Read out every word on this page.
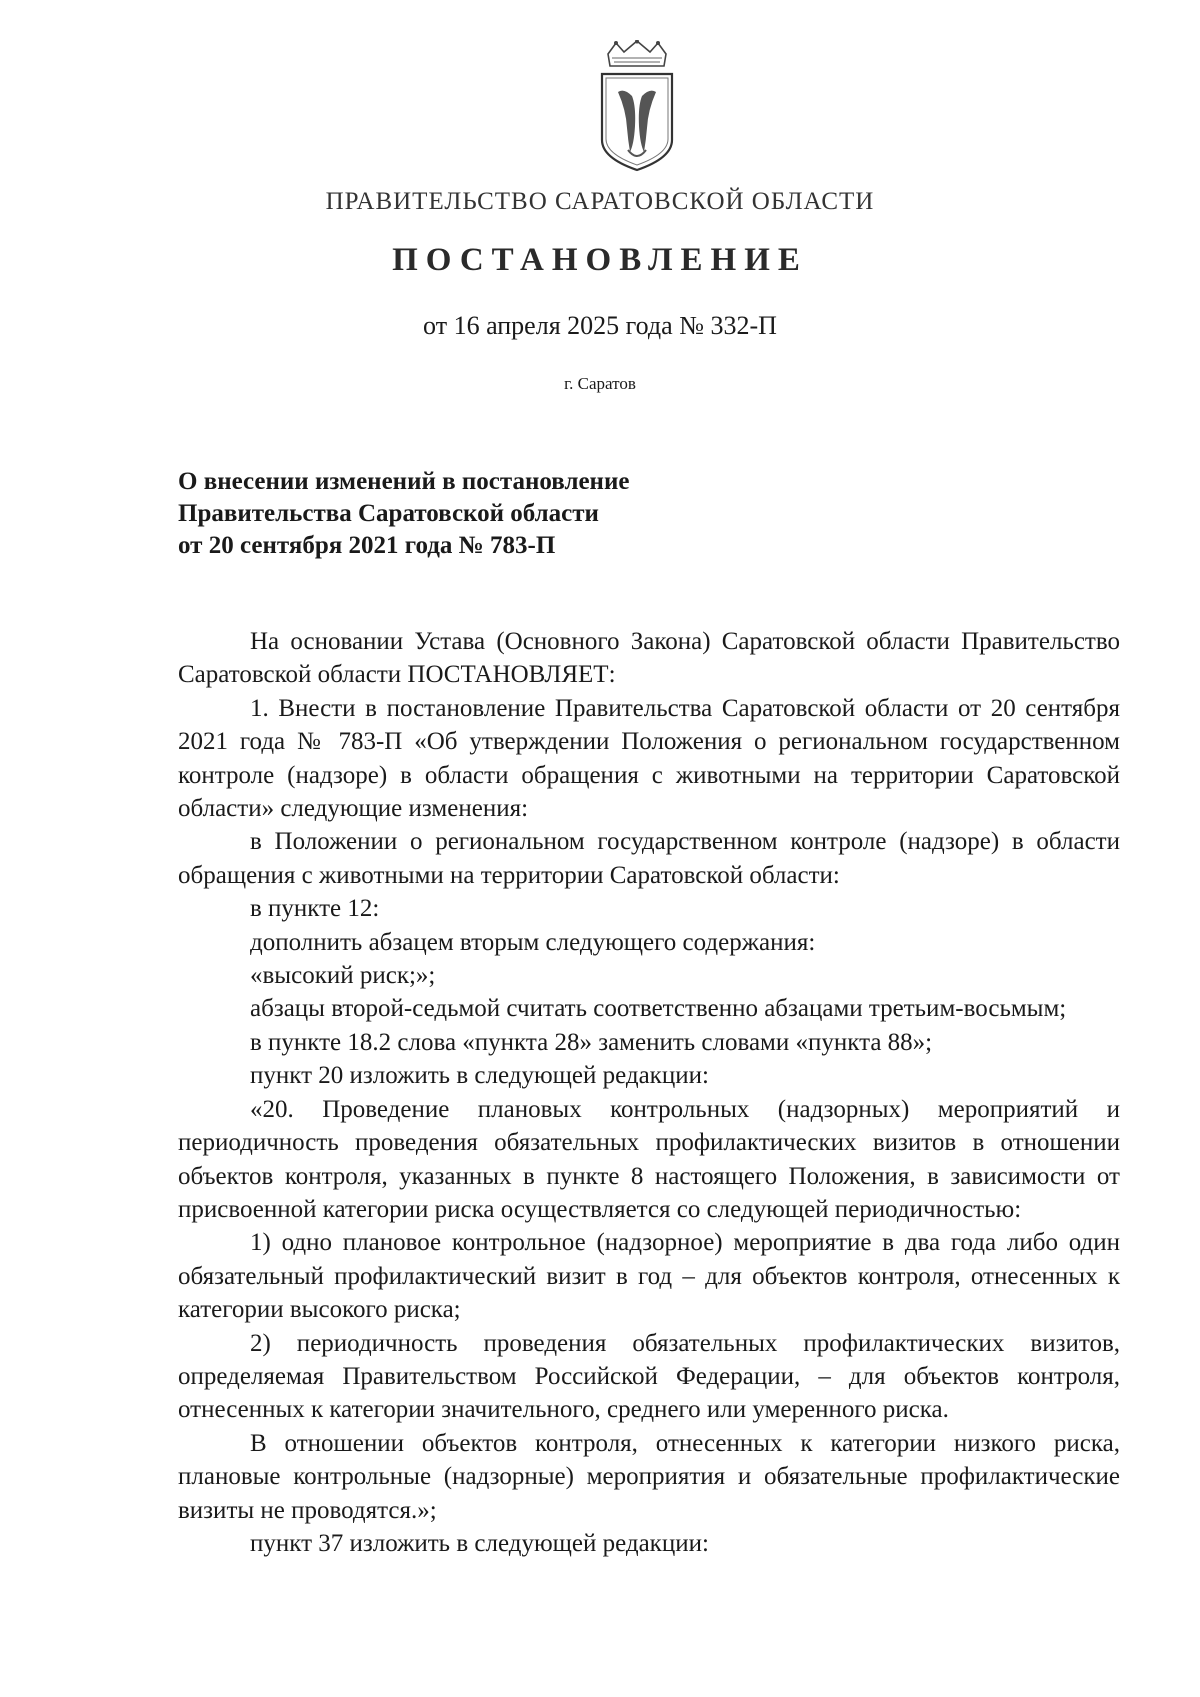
ПРАВИТЕЛЬСТВО САРАТОВСКОЙ ОБЛАСТИ
ПОСТАНОВЛЕНИЕ
от 16 апреля 2025 года № 332-П
г. Саратов
О внесении изменений в постановление
Правительства Саратовской области
от 20 сентября 2021 года № 783-П

На основании Устава (Основного Закона) Саратовской области Правительство Саратовской области ПОСТАНОВЛЯЕТ:

1. Внести в постановление Правительства Саратовской области от 20 сентября 2021 года № 783-П «Об утверждении Положения о региональном государственном контроле (надзоре) в области обращения с животными на территории Саратовской области» следующие изменения:

в Положении о региональном государственном контроле (надзоре) в области обращения с животными на территории Саратовской области:

в пункте 12:

дополнить абзацем вторым следующего содержания:

«высокий риск;»;

абзацы второй-седьмой считать соответственно абзацами третьим-восьмым;

в пункте 18.2 слова «пункта 28» заменить словами «пункта 88»;

пункт 20 изложить в следующей редакции:

«20. Проведение плановых контрольных (надзорных) мероприятий и периодичность проведения обязательных профилактических визитов в отношении объектов контроля, указанных в пункте 8 настоящего Положения, в зависимости от присвоенной категории риска осуществляется со следующей периодичностью:

1) одно плановое контрольное (надзорное) мероприятие в два года либо один обязательный профилактический визит в год – для объектов контроля, отнесенных к категории высокого риска;

2) периодичность проведения обязательных профилактических визитов, определяемая Правительством Российской Федерации, – для объектов контроля, отнесенных к категории значительного, среднего или умеренного риска.

В отношении объектов контроля, отнесенных к категории низкого риска, плановые контрольные (надзорные) мероприятия и обязательные профилактические визиты не проводятся.»;

пункт 37 изложить в следующей редакции:
